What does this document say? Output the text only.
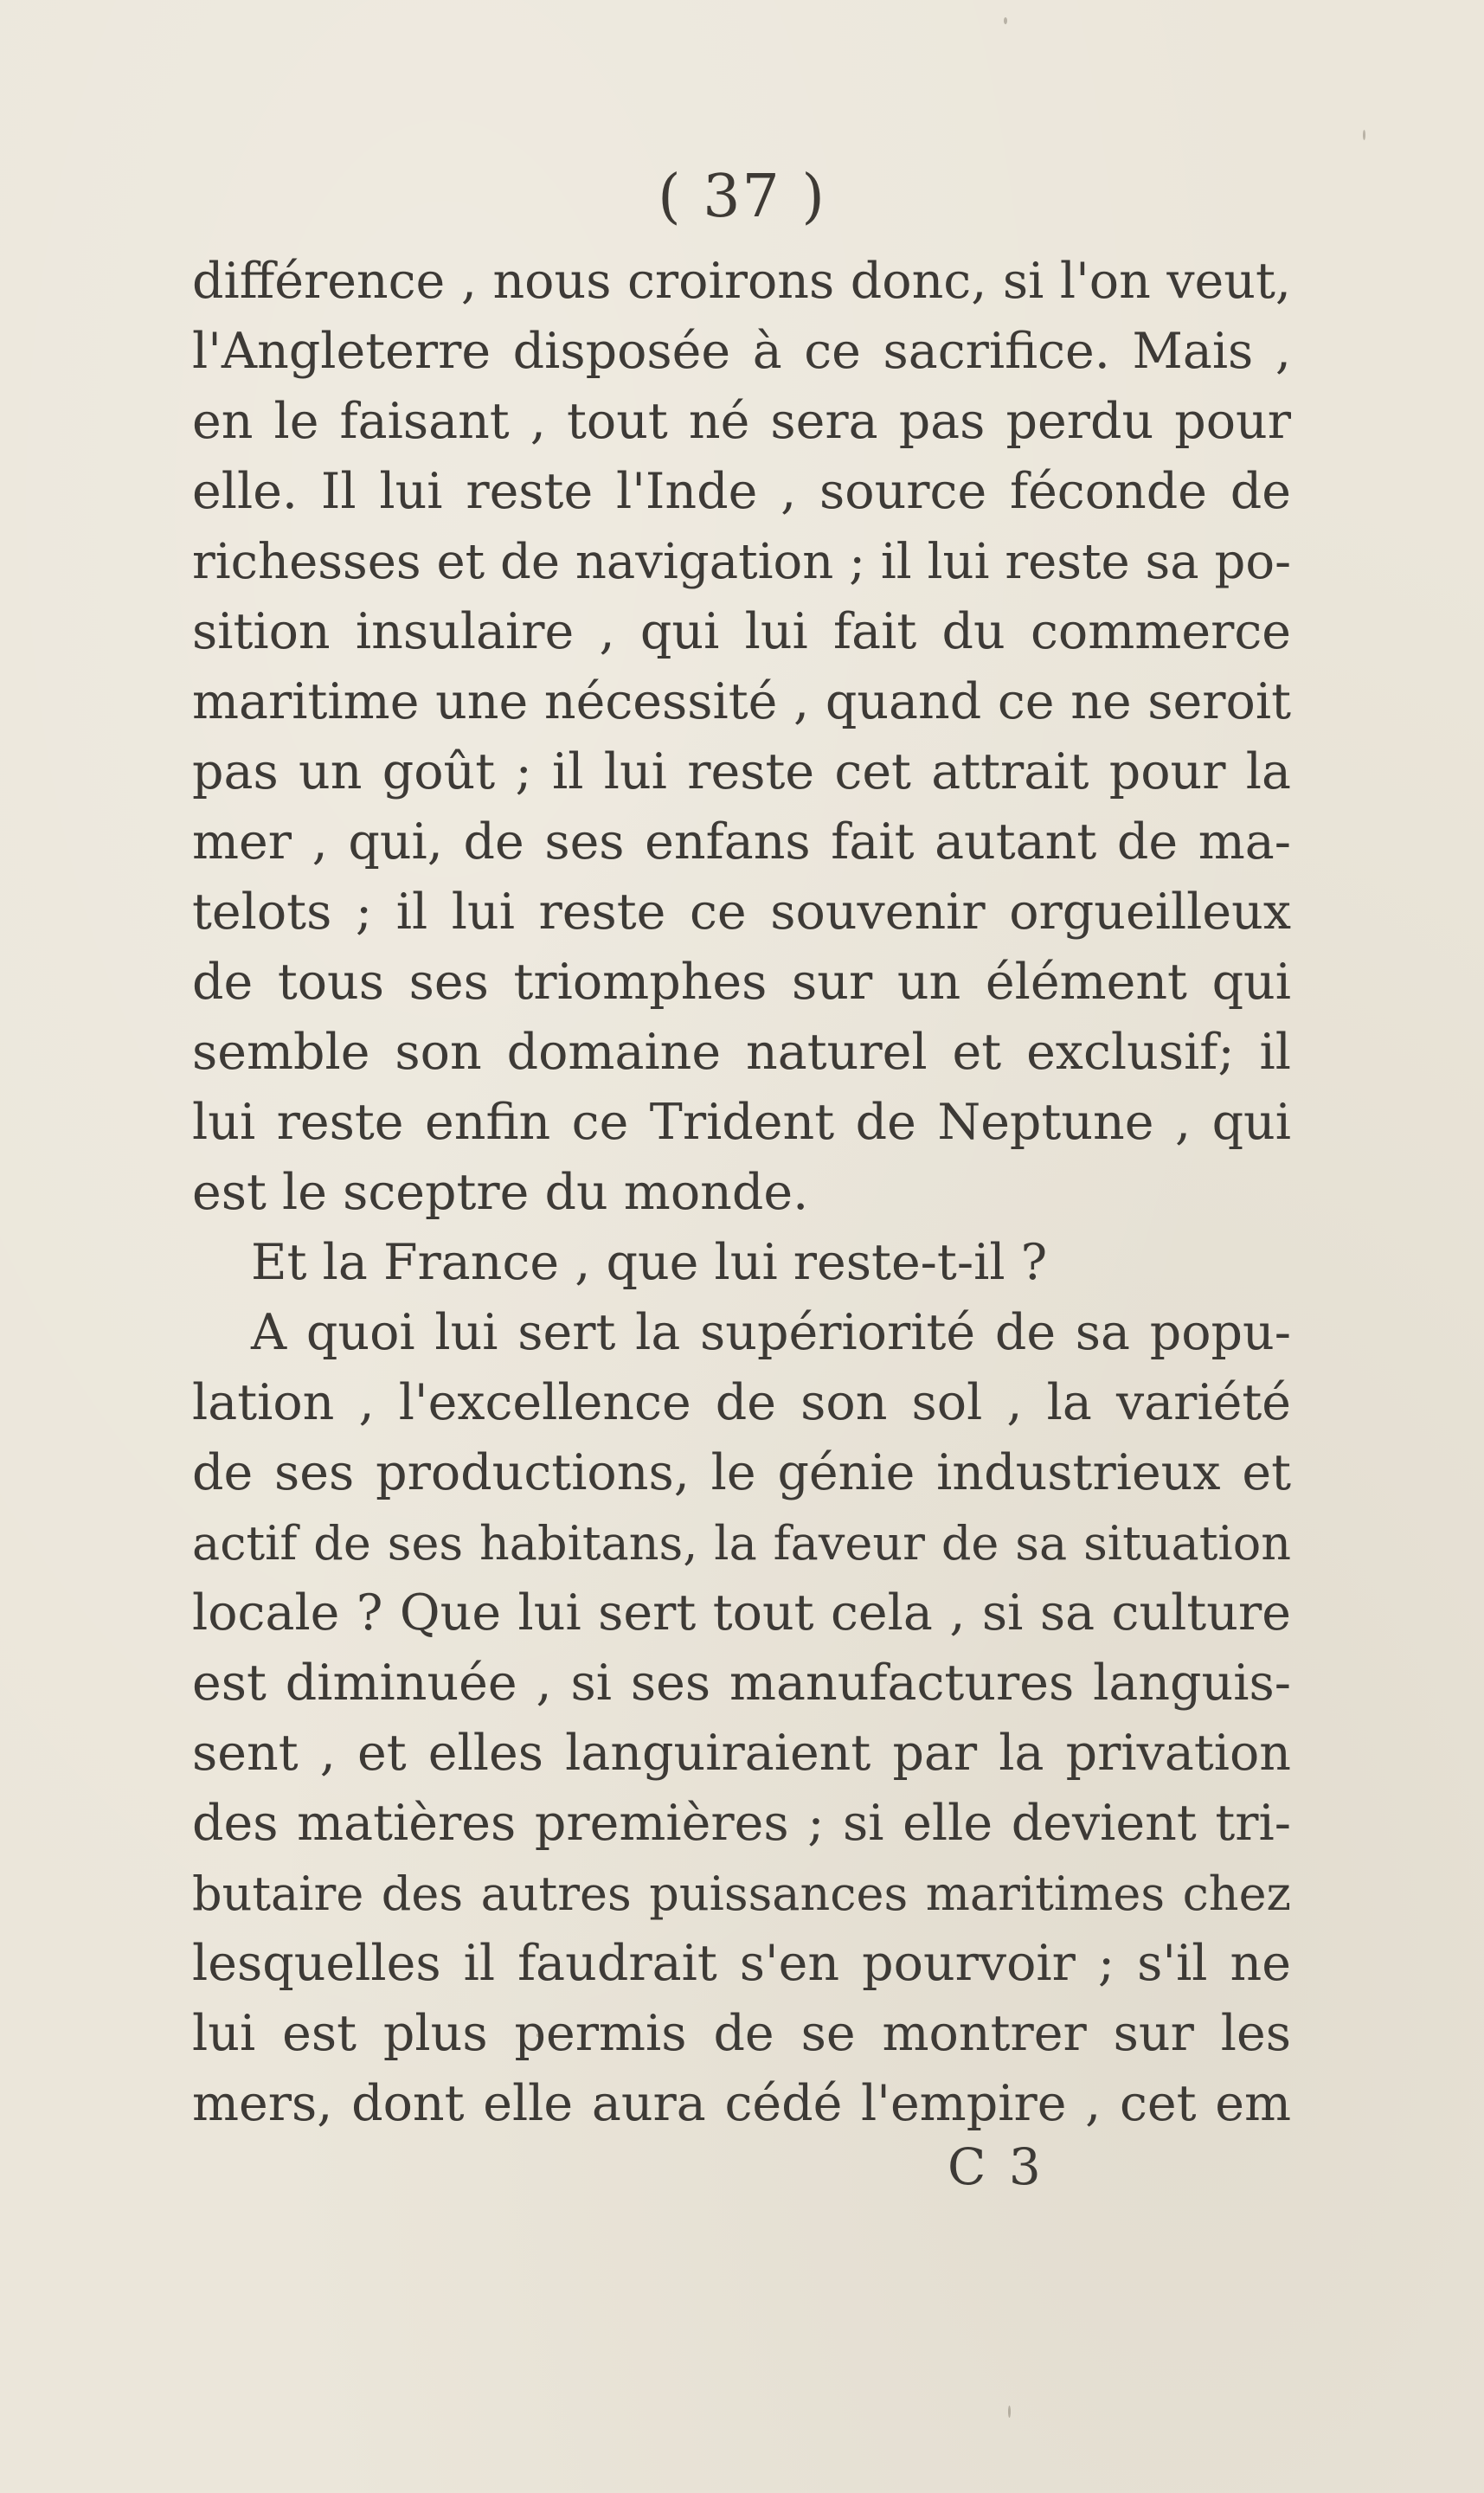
( 37 )
différence , nous croirons donc, si l'on veut,
l'Angleterre disposée à ce sacrifice. Mais ,
en le faisant , tout né sera pas perdu pour
elle. Il lui reste l'Inde , source féconde de
richesses et de navigation ; il lui reste sa po-
sition insulaire , qui lui fait du commerce
maritime une nécessité , quand ce ne seroit
pas un goût ; il lui reste cet attrait pour la
mer , qui, de ses enfans fait autant de ma-
telots ; il lui reste ce souvenir orgueilleux
de tous ses triomphes sur un élément qui
semble son domaine naturel et exclusif; il
lui reste enfin ce Trident de Neptune , qui
est le sceptre du monde.
Et la France , que lui reste-t-il ?
A quoi lui sert la supériorité de sa popu-
lation , l'excellence de son sol , la variété
de ses productions, le génie industrieux et
actif de ses habitans, la faveur de sa situation
locale ? Que lui sert tout cela , si sa culture
est diminuée , si ses manufactures languis-
sent , et elles languiraient par la privation
des matières premières ; si elle devient tri-
butaire des autres puissances maritimes chez
lesquelles il faudrait s'en pourvoir ; s'il ne
lui est plus permis de se montrer sur les
mers, dont elle aura cédé l'empire , cet em
C 3
